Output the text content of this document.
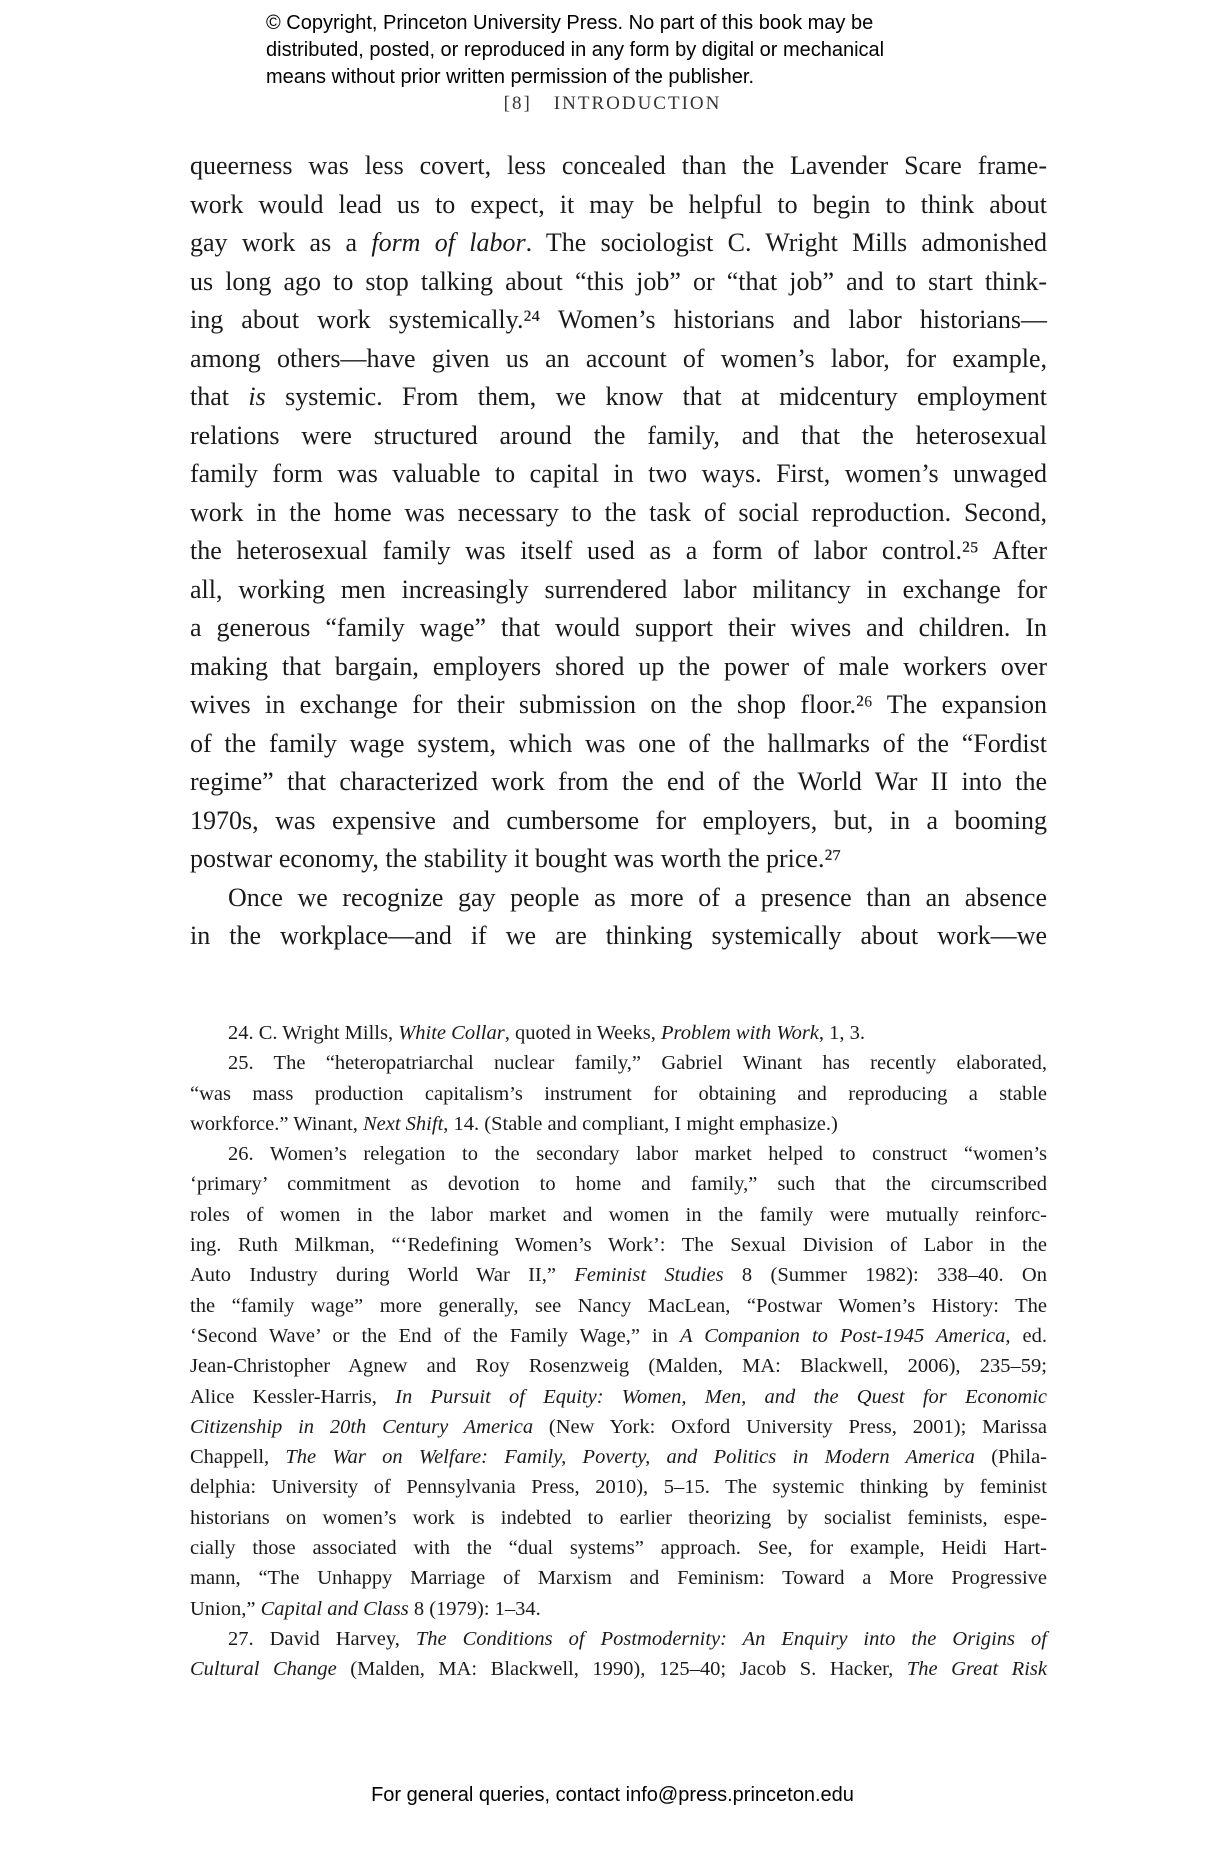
© Copyright, Princeton University Press. No part of this book may be
distributed, posted, or reproduced in any form by digital or mechanical
means without prior written permission of the publisher.
[8] INTRODUCTION
queerness was less covert, less concealed than the Lavender Scare frame-
work would lead us to expect, it may be helpful to begin to think about
gay work as a form of labor. The sociologist C. Wright Mills admonished
us long ago to stop talking about “this job” or “that job” and to start think-
ing about work systemically.²⁴ Women’s historians and labor historians—
among others—have given us an account of women’s labor, for example,
that is systemic. From them, we know that at midcentury employment
relations were structured around the family, and that the heterosexual
family form was valuable to capital in two ways. First, women’s unwaged
work in the home was necessary to the task of social reproduction. Second,
the heterosexual family was itself used as a form of labor control.²⁵ After
all, working men increasingly surrendered labor militancy in exchange for
a generous “family wage” that would support their wives and children. In
making that bargain, employers shored up the power of male workers over
wives in exchange for their submission on the shop floor.²⁶ The expansion
of the family wage system, which was one of the hallmarks of the “Fordist
regime” that characterized work from the end of the World War II into the
1970s, was expensive and cumbersome for employers, but, in a booming
postwar economy, the stability it bought was worth the price.²⁷
Once we recognize gay people as more of a presence than an absence
in the workplace—and if we are thinking systemically about work—we
24. C. Wright Mills, White Collar, quoted in Weeks, Problem with Work, 1, 3.
25. The “heteropatriarchal nuclear family,” Gabriel Winant has recently elaborated,
“was mass production capitalism’s instrument for obtaining and reproducing a stable
workforce.” Winant, Next Shift, 14. (Stable and compliant, I might emphasize.)
26. Women’s relegation to the secondary labor market helped to construct “women’s
‘primary’ commitment as devotion to home and family,” such that the circumscribed
roles of women in the labor market and women in the family were mutually reinforc-
ing. Ruth Milkman, “‘Redefining Women’s Work’: The Sexual Division of Labor in the
Auto Industry during World War II,” Feminist Studies 8 (Summer 1982): 338–40. On
the “family wage” more generally, see Nancy MacLean, “Postwar Women’s History: The
‘Second Wave’ or the End of the Family Wage,” in A Companion to Post-1945 America, ed.
Jean-Christopher Agnew and Roy Rosenzweig (Malden, MA: Blackwell, 2006), 235–59;
Alice Kessler-Harris, In Pursuit of Equity: Women, Men, and the Quest for Economic
Citizenship in 20th Century America (New York: Oxford University Press, 2001); Marissa
Chappell, The War on Welfare: Family, Poverty, and Politics in Modern America (Phila-
delphia: University of Pennsylvania Press, 2010), 5–15. The systemic thinking by feminist
historians on women’s work is indebted to earlier theorizing by socialist feminists, espe-
cially those associated with the “dual systems” approach. See, for example, Heidi Hart-
mann, “The Unhappy Marriage of Marxism and Feminism: Toward a More Progressive
Union,” Capital and Class 8 (1979): 1–34.
27. David Harvey, The Conditions of Postmodernity: An Enquiry into the Origins of
Cultural Change (Malden, MA: Blackwell, 1990), 125–40; Jacob S. Hacker, The Great Risk
For general queries, contact info@press.princeton.edu
